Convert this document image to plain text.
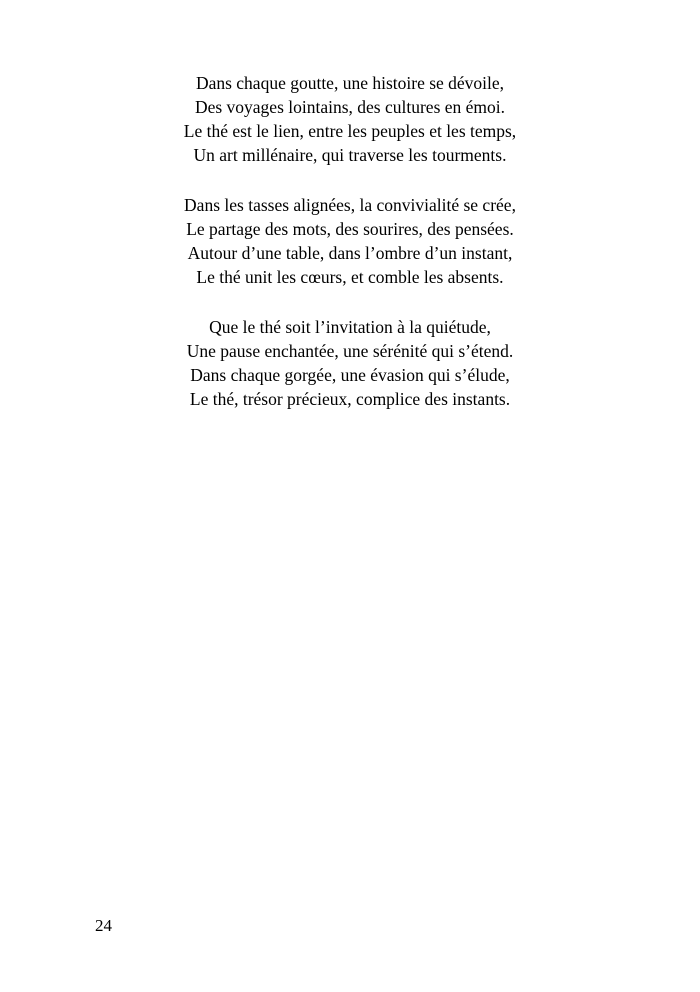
Dans chaque goutte, une histoire se dévoile,
Des voyages lointains, des cultures en émoi.
Le thé est le lien, entre les peuples et les temps,
Un art millénaire, qui traverse les tourments.
Dans les tasses alignées, la convivialité se crée,
Le partage des mots, des sourires, des pensées.
Autour d’une table, dans l’ombre d’un instant,
Le thé unit les cœurs, et comble les absents.
Que le thé soit l’invitation à la quiétude,
Une pause enchantée, une sérénité qui s’étend.
Dans chaque gorgée, une évasion qui s’élude,
Le thé, trésor précieux, complice des instants.
24
